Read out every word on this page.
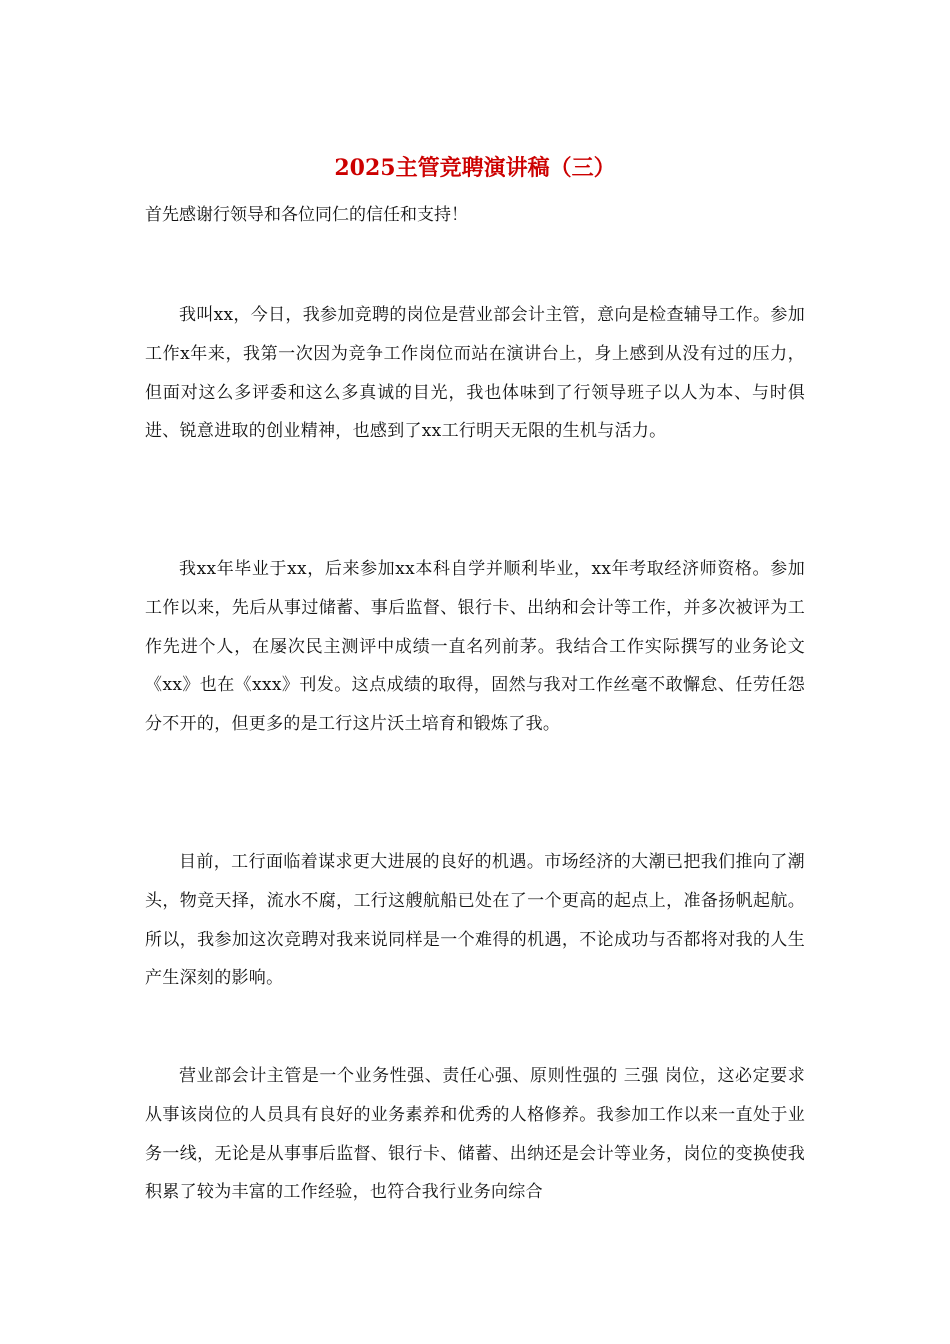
2025主管竞聘演讲稿（三）

首先感谢行领导和各位同仁的信任和支持！

我叫xx，今日，我参加竞聘的岗位是营业部会计主管，意向是检查辅导工作。参加工作x年来，我第一次因为竞争工作岗位而站在演讲台上，身上感到从没有过的压力，但面对这么多评委和这么多真诚的目光，我也体味到了行领导班子以人为本、与时俱进、锐意进取的创业精神，也感到了xx工行明天无限的生机与活力。

我xx年毕业于xx，后来参加xx本科自学并顺利毕业，xx年考取经济师资格。参加工作以来，先后从事过储蓄、事后监督、银行卡、出纳和会计等工作，并多次被评为工作先进个人，在屡次民主测评中成绩一直名列前茅。我结合工作实际撰写的业务论文《xx》也在《xxx》刊发。这点成绩的取得，固然与我对工作丝毫不敢懈怠、任劳任怨分不开的，但更多的是工行这片沃土培育和锻炼了我。

目前，工行面临着谋求更大进展的良好的机遇。市场经济的大潮已把我们推向了潮头，物竞天择，流水不腐，工行这艘航船已处在了一个更高的起点上，准备扬帆起航。所以，我参加这次竞聘对我来说同样是一个难得的机遇，不论成功与否都将对我的人生产生深刻的影响。

营业部会计主管是一个业务性强、责任心强、原则性强的 三强 岗位，这必定要求从事该岗位的人员具有良好的业务素养和优秀的人格修养。我参加工作以来一直处于业务一线，无论是从事事后监督、银行卡、储蓄、出纳还是会计等业务，岗位的变换使我积累了较为丰富的工作经验，也符合我行业务向综合
